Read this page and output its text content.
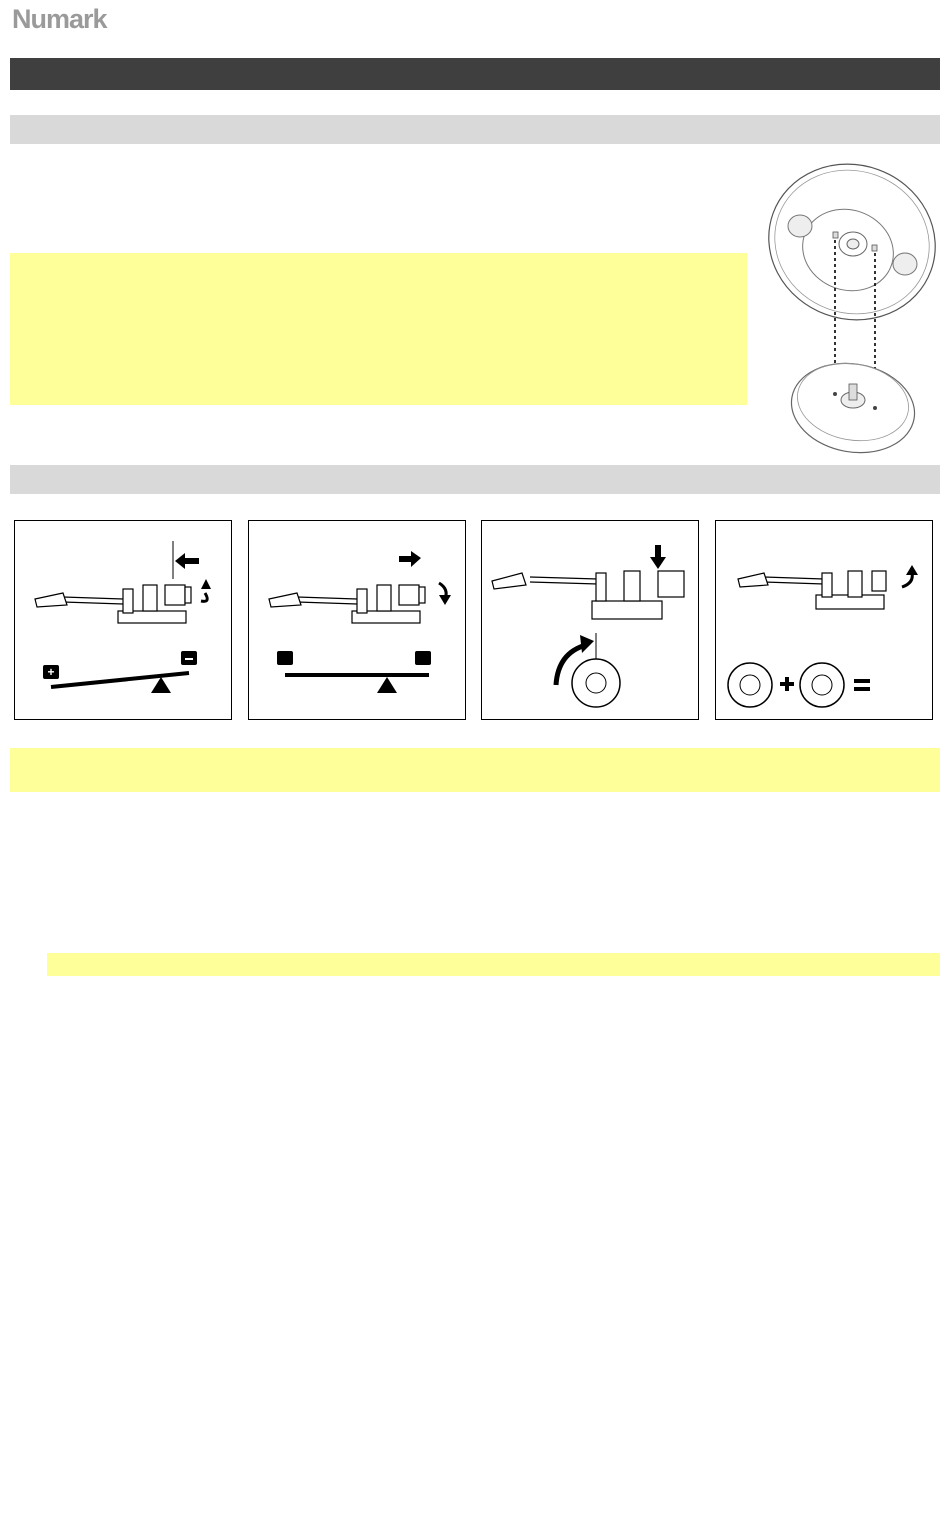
Numark
+
